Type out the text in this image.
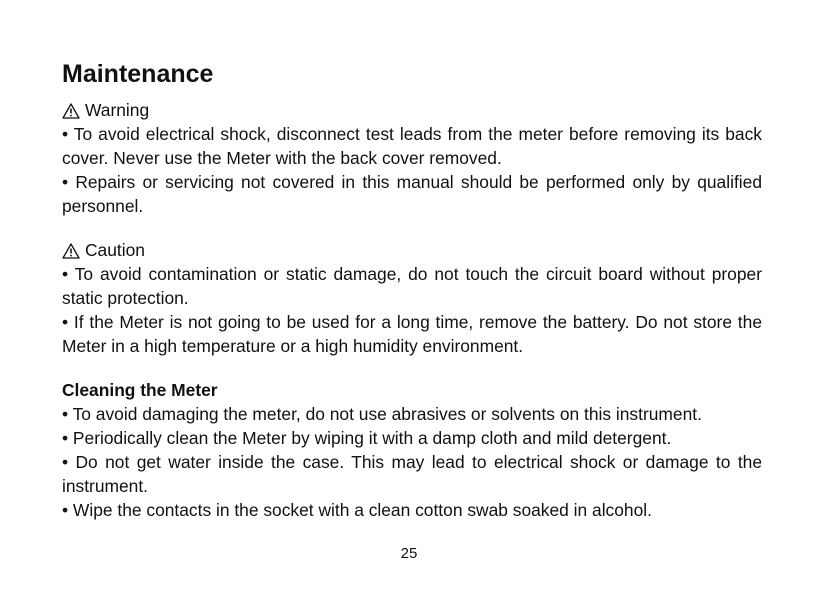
Maintenance
Warning
• To avoid electrical shock, disconnect test leads from the meter before removing its back cover. Never use the Meter with the back cover removed.
• Repairs or servicing not covered in this manual should be performed only by qualified personnel.
Caution
• To avoid contamination or static damage, do not touch the circuit board without proper static protection.
• If the Meter is not going to be used for a long time, remove the battery. Do not store the Meter in a high temperature or a high humidity environment.
Cleaning the Meter
• To avoid damaging the meter, do not use abrasives or solvents on this instrument.
• Periodically clean the Meter by wiping it with a damp cloth and mild detergent.
• Do not get water inside the case. This may lead to electrical shock or damage to the instrument.
• Wipe the contacts in the socket with a clean cotton swab soaked in alcohol.
25
